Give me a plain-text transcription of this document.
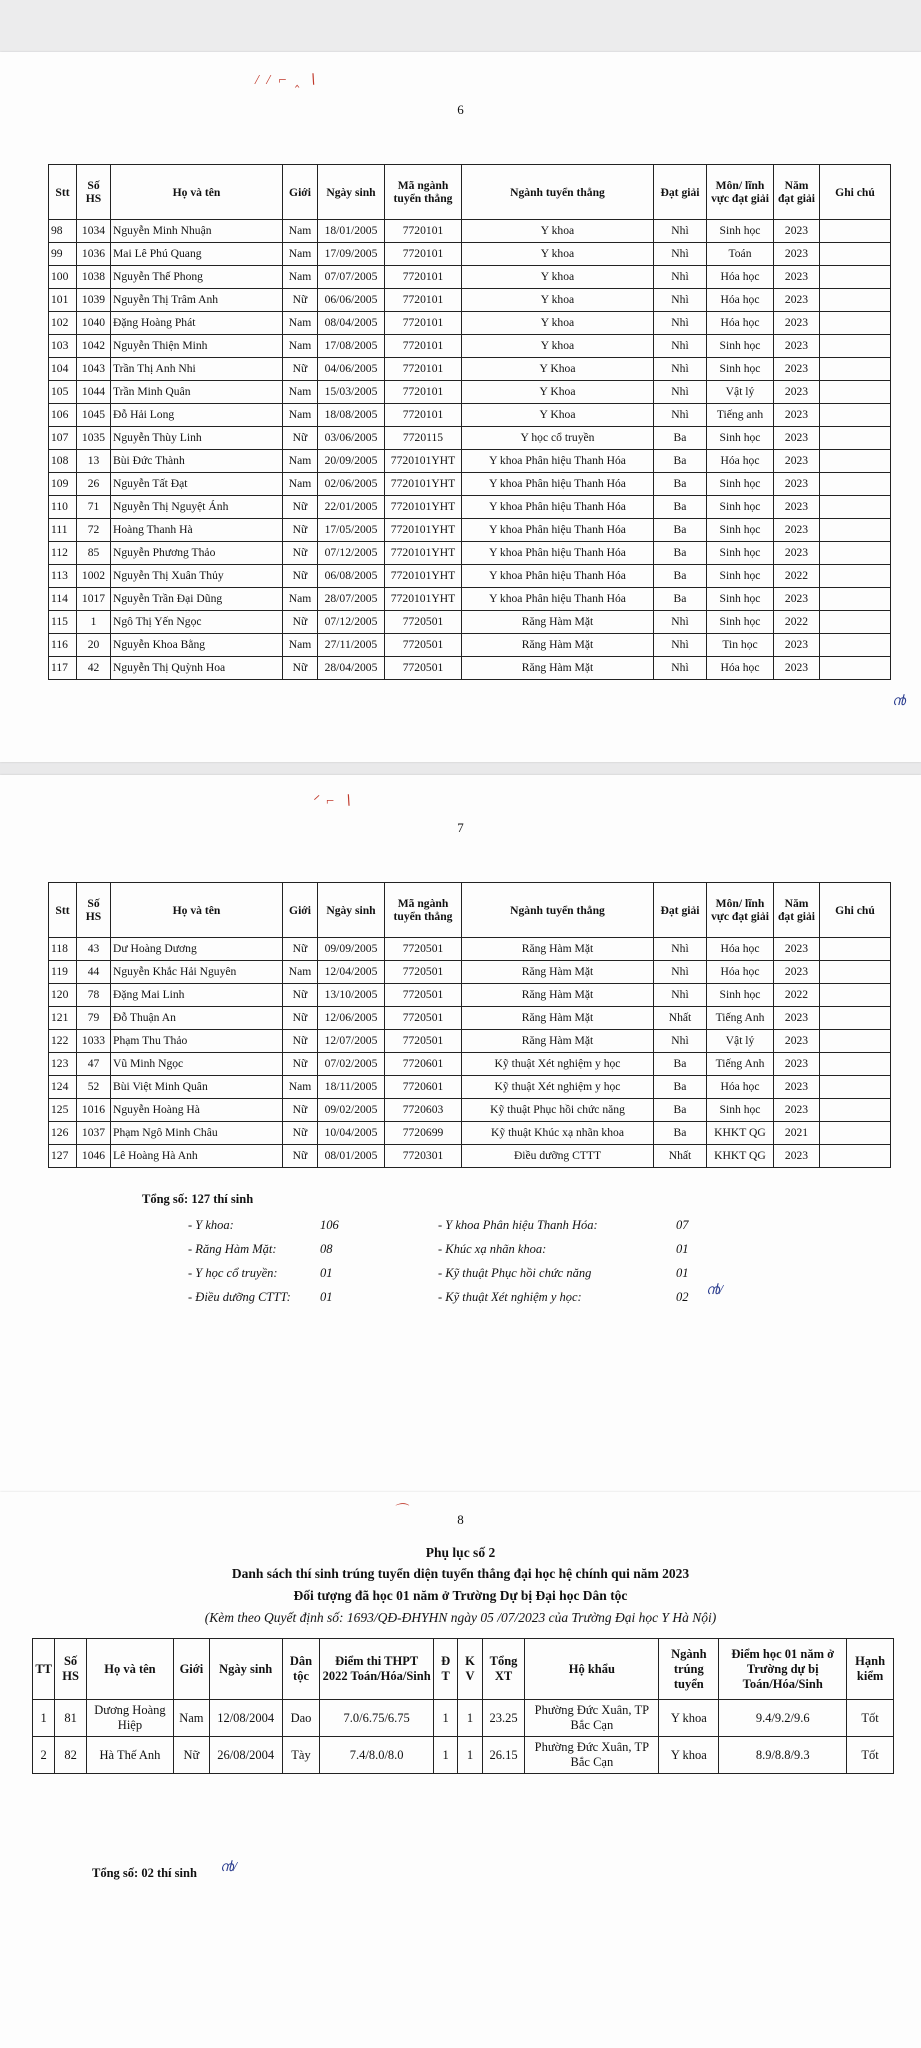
/ / ⌐ ‸ ∖
6
Stt	Số HS	Họ và tên	Giới	Ngày sinh	Mã ngành tuyển thẳng	Ngành tuyển thẳng	Đạt giải	Môn/ lĩnh vực đạt giải	Năm đạt giải	Ghi chú
98	1034	Nguyễn Minh Nhuận	Nam	18/01/2005	7720101	Y khoa	Nhì	Sinh học	2023	
99	1036	Mai Lê Phú Quang	Nam	17/09/2005	7720101	Y khoa	Nhì	Toán	2023	
100	1038	Nguyễn Thế Phong	Nam	07/07/2005	7720101	Y khoa	Nhì	Hóa học	2023	
101	1039	Nguyễn Thị Trâm Anh	Nữ	06/06/2005	7720101	Y khoa	Nhì	Hóa học	2023	
102	1040	Đặng Hoàng Phát	Nam	08/04/2005	7720101	Y khoa	Nhì	Hóa học	2023	
103	1042	Nguyễn Thiện Minh	Nam	17/08/2005	7720101	Y khoa	Nhì	Sinh học	2023	
104	1043	Trần Thị Anh Nhi	Nữ	04/06/2005	7720101	Y Khoa	Nhì	Sinh học	2023	
105	1044	Trần Minh Quân	Nam	15/03/2005	7720101	Y Khoa	Nhì	Vật lý	2023	
106	1045	Đỗ Hải Long	Nam	18/08/2005	7720101	Y Khoa	Nhì	Tiếng anh	2023	
107	1035	Nguyễn Thùy Linh	Nữ	03/06/2005	7720115	Y học cổ truyền	Ba	Sinh học	2023	
108	13	Bùi Đức Thành	Nam	20/09/2005	7720101YHT	Y khoa Phân hiệu Thanh Hóa	Ba	Hóa học	2023	
109	26	Nguyễn Tất Đạt	Nam	02/06/2005	7720101YHT	Y khoa Phân hiệu Thanh Hóa	Ba	Sinh học	2023	
110	71	Nguyễn Thị Nguyệt Ánh	Nữ	22/01/2005	7720101YHT	Y khoa Phân hiệu Thanh Hóa	Ba	Sinh học	2023	
111	72	Hoàng Thanh Hà	Nữ	17/05/2005	7720101YHT	Y khoa Phân hiệu Thanh Hóa	Ba	Sinh học	2023	
112	85	Nguyễn Phương Thảo	Nữ	07/12/2005	7720101YHT	Y khoa Phân hiệu Thanh Hóa	Ba	Sinh học	2023	
113	1002	Nguyễn Thị Xuân Thủy	Nữ	06/08/2005	7720101YHT	Y khoa Phân hiệu Thanh Hóa	Ba	Sinh học	2022	
114	1017	Nguyễn Trần Đại Dũng	Nam	28/07/2005	7720101YHT	Y khoa Phân hiệu Thanh Hóa	Ba	Sinh học	2023	
115	1	Ngô Thị Yến Ngọc	Nữ	07/12/2005	7720501	Răng Hàm Mặt	Nhì	Sinh học	2022	
116	20	Nguyễn Khoa Bằng	Nam	27/11/2005	7720501	Răng Hàm Mặt	Nhì	Tin học	2023	
117	42	Nguyễn Thị Quỳnh Hoa	Nữ	28/04/2005	7720501	Răng Hàm Mặt	Nhì	Hóa học	2023	
൯
ᐟ ⌐ ∖
7
Stt	Số HS	Họ và tên	Giới	Ngày sinh	Mã ngành tuyển thẳng	Ngành tuyển thẳng	Đạt giải	Môn/ lĩnh vực đạt giải	Năm đạt giải	Ghi chú
118	43	Dư Hoàng Dương	Nữ	09/09/2005	7720501	Răng Hàm Mặt	Nhì	Hóa học	2023	
119	44	Nguyễn Khắc Hải Nguyên	Nam	12/04/2005	7720501	Răng Hàm Mặt	Nhì	Hóa học	2023	
120	78	Đặng Mai Linh	Nữ	13/10/2005	7720501	Răng Hàm Mặt	Nhì	Sinh học	2022	
121	79	Đỗ Thuận An	Nữ	12/06/2005	7720501	Răng Hàm Mặt	Nhất	Tiếng Anh	2023	
122	1033	Phạm Thu Thảo	Nữ	12/07/2005	7720501	Răng Hàm Mặt	Nhì	Vật lý	2023	
123	47	Vũ Minh Ngọc	Nữ	07/02/2005	7720601	Kỹ thuật Xét nghiệm y học	Ba	Tiếng Anh	2023	
124	52	Bùi Việt Minh Quân	Nam	18/11/2005	7720601	Kỹ thuật Xét nghiệm y học	Ba	Hóa học	2023	
125	1016	Nguyễn Hoàng Hà	Nữ	09/02/2005	7720603	Kỹ thuật Phục hồi chức năng	Ba	Sinh học	2023	
126	1037	Phạm Ngô Minh Châu	Nữ	10/04/2005	7720699	Kỹ thuật Khúc xạ nhãn khoa	Ba	KHKT QG	2021	
127	1046	Lê Hoàng Hà Anh	Nữ	08/01/2005	7720301	Điều dưỡng CTTT	Nhất	KHKT QG	2023	
Tổng số: 127 thí sinh
- Y khoa:	106	- Y khoa Phân hiệu Thanh Hóa:	07
- Răng Hàm Mặt:	08	- Khúc xạ nhãn khoa:	01
- Y học cổ truyền:	01	- Kỹ thuật Phục hồi chức năng	01
- Điều dưỡng CTTT: 01	- Kỹ thuật Xét nghiệm y học:	02 ൯/
⌒
8
Phụ lục số 2
Danh sách thí sinh trúng tuyển diện tuyển thẳng đại học hệ chính qui năm 2023
Đối tượng đã học 01 năm ở Trường Dự bị Đại học Dân tộc
(Kèm theo Quyết định số: 1693/QĐ-ĐHYHN ngày 05 /07/2023 của Trường Đại học Y Hà Nội)
TT	Số HS	Họ và tên	Giới	Ngày sinh	Dân tộc	Điểm thi THPT 2022 Toán/Hóa/Sinh	Đ T	K V	Tổng XT	Hộ khẩu	Ngành trúng tuyển	Điểm học 01 năm ở Trường dự bị Toán/Hóa/Sinh	Hạnh kiểm
1	81	Dương Hoàng Hiệp	Nam	12/08/2004	Dao	7.0/6.75/6.75	1	1	23.25	Phường Đức Xuân, TP Bắc Cạn	Y khoa	9.4/9.2/9.6	Tốt
2	82	Hà Thế Anh	Nữ	26/08/2004	Tày	7.4/8.0/8.0	1	1	26.15	Phường Đức Xuân, TP Bắc Cạn	Y khoa	8.9/8.8/9.3	Tốt
Tổng số: 02 thí sinh ൯/
